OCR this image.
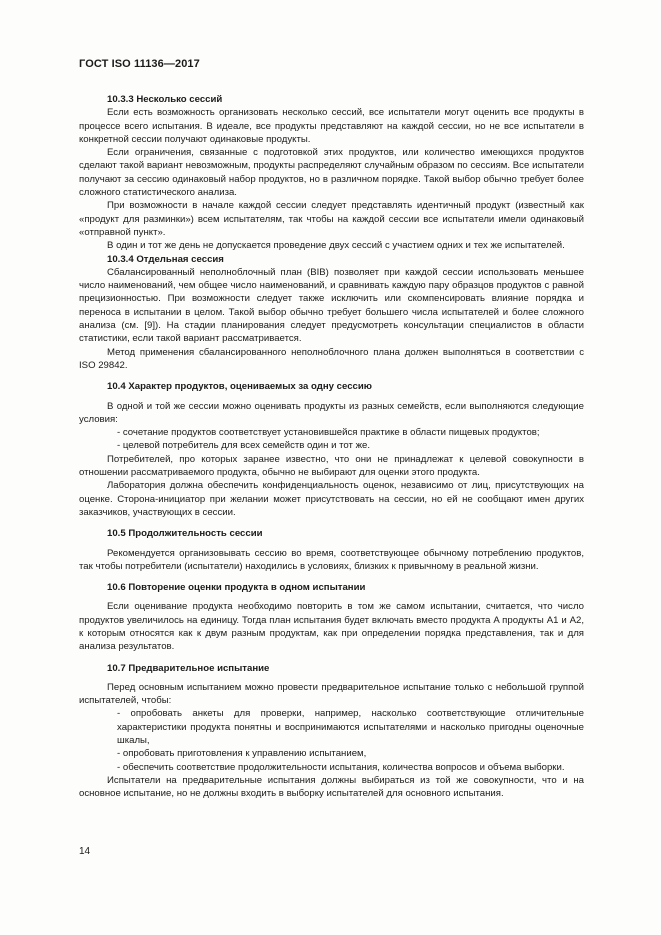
ГОСТ ISO 11136—2017
10.3.3 Несколько сессий

Если есть возможность организовать несколько сессий, все испытатели могут оценить все продукты в процессе всего испытания. В идеале, все продукты представляют на каждой сессии, но не все испытатели в конкретной сессии получают одинаковые продукты.

Если ограничения, связанные с подготовкой этих продуктов, или количество имеющихся продуктов сделают такой вариант невозможным, продукты распределяют случайным образом по сессиям. Все испытатели получают за сессию одинаковый набор продуктов, но в различном порядке. Такой выбор обычно требует более сложного статистического анализа.

При возможности в начале каждой сессии следует представлять идентичный продукт (известный как «продукт для разминки») всем испытателям, так чтобы на каждой сессии все испытатели имели одинаковый «отправной пункт».

В один и тот же день не допускается проведение двух сессий с участием одних и тех же испытателей.

10.3.4 Отдельная сессия

Сбалансированный неполноблочный план (BIB) позволяет при каждой сессии использовать меньшее число наименований, чем общее число наименований, и сравнивать каждую пару образцов продуктов с равной прецизионностью. При возможности следует также исключить или скомпенсировать влияние порядка и переноса в испытании в целом. Такой выбор обычно требует большего числа испытателей и более сложного анализа (см. [9]). На стадии планирования следует предусмотреть консультации специалистов в области статистики, если такой вариант рассматривается.

Метод применения сбалансированного неполноблочного плана должен выполняться в соответствии с ISO 29842.

10.4 Характер продуктов, оцениваемых за одну сессию

В одной и той же сессии можно оценивать продукты из разных семейств, если выполняются следующие условия:

- сочетание продуктов соответствует установившейся практике в области пищевых продуктов;

- целевой потребитель для всех семейств один и тот же.

Потребителей, про которых заранее известно, что они не принадлежат к целевой совокупности в отношении рассматриваемого продукта, обычно не выбирают для оценки этого продукта.

Лаборатория должна обеспечить конфиденциальность оценок, независимо от лиц, присутствующих на оценке. Сторона-инициатор при желании может присутствовать на сессии, но ей не сообщают имен других заказчиков, участвующих в сессии.

10.5 Продолжительность сессии

Рекомендуется организовывать сессию во время, соответствующее обычному потреблению продуктов, так чтобы потребители (испытатели) находились в условиях, близких к привычному в реальной жизни.

10.6 Повторение оценки продукта в одном испытании

Если оценивание продукта необходимо повторить в том же самом испытании, считается, что число продуктов увеличилось на единицу. Тогда план испытания будет включать вместо продукта A продукты A1 и A2, к которым относятся как к двум разным продуктам, как при определении порядка представления, так и для анализа результатов.

10.7 Предварительное испытание

Перед основным испытанием можно провести предварительное испытание только с небольшой группой испытателей, чтобы:

- опробовать анкеты для проверки, например, насколько соответствующие отличительные характеристики продукта понятны и воспринимаются испытателями и насколько пригодны оценочные шкалы,

- опробовать приготовления к управлению испытанием,

- обеспечить соответствие продолжительности испытания, количества вопросов и объема выборки.

Испытатели на предварительные испытания должны выбираться из той же совокупности, что и на основное испытание, но не должны входить в выборку испытателей для основного испытания.

14
